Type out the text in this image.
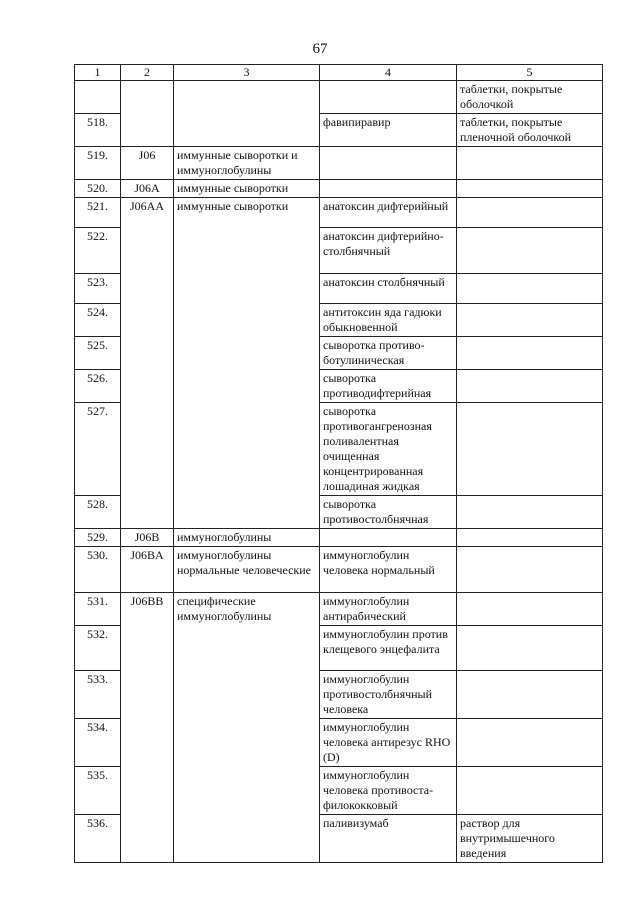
67
1	2	3	4	5
				таблетки, покрытые оболочкой
518.			фавипиравир	таблетки, покрытые пленочной оболочкой
519.	J06	иммунные сыворотки и иммуноглобулины		
520.	J06A	иммунные сыворотки		
521.	J06AA	иммунные сыворотки	анатоксин дифтерийный	
522.			анатоксин дифтерийно-столбнячный	
523.			анатоксин столбнячный	
524.			антитоксин яда гадюки обыкновенной	
525.			сыворотка противо-ботулиническая	
526.			сыворотка противодифтерийная	
527.			сыворотка противогангренозная поливалентная очищенная концентрированная лошадиная жидкая	
528.			сыворотка противостолбнячная	
529.	J06B	иммуноглобулины		
530.	J06BA	иммуноглобулины нормальные человеческие	иммуноглобулин человека нормальный	
531.	J06BB	специфические иммуноглобулины	иммуноглобулин антирабический	
532.			иммуноглобулин против клещевого энцефалита	
533.			иммуноглобулин противостолбнячный человека	
534.			иммуноглобулин человека антирезус RHO (D)	
535.			иммуноглобулин человека противоста-филококковый	
536.			паливизумаб	раствор для внутримышечного введения
